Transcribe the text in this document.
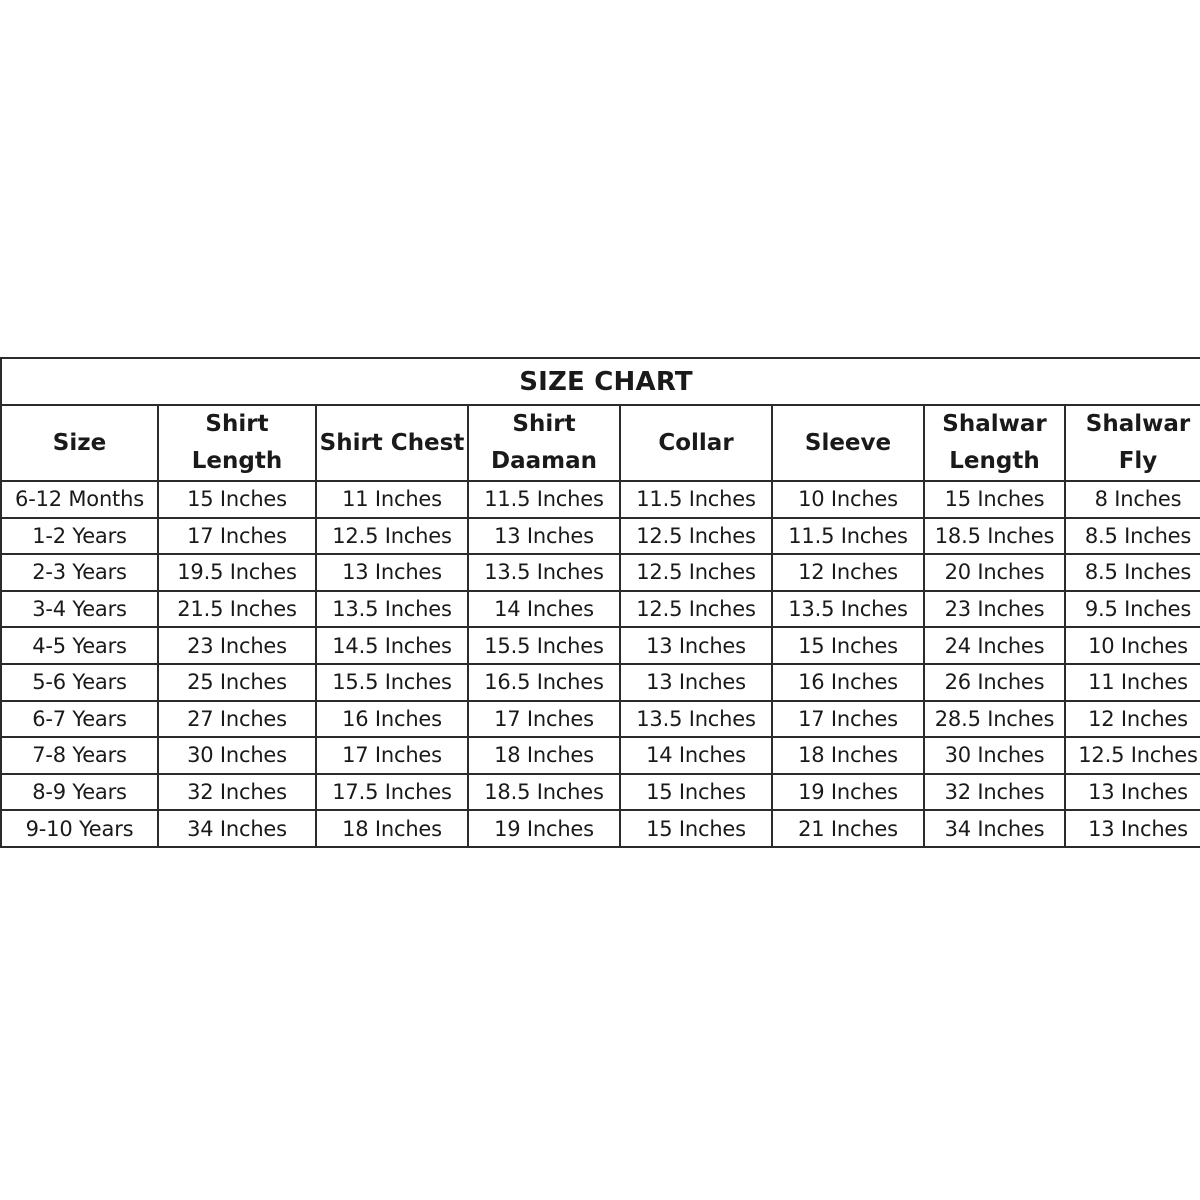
SIZE CHART							
Size	Shirt Length	Shirt Chest	Shirt Daaman	Collar	Sleeve	Shalwar Length	Shalwar Fly
6-12 Months	15 Inches	11 Inches	11.5 Inches	11.5 Inches	10 Inches	15 Inches	8 Inches
1-2 Years	17 Inches	12.5 Inches	13 Inches	12.5 Inches	11.5 Inches	18.5 Inches	8.5 Inches
2-3 Years	19.5 Inches	13 Inches	13.5 Inches	12.5 Inches	12 Inches	20 Inches	8.5 Inches
3-4 Years	21.5 Inches	13.5 Inches	14 Inches	12.5 Inches	13.5 Inches	23 Inches	9.5 Inches
4-5 Years	23 Inches	14.5 Inches	15.5 Inches	13 Inches	15 Inches	24 Inches	10 Inches
5-6 Years	25 Inches	15.5 Inches	16.5 Inches	13 Inches	16 Inches	26 Inches	11 Inches
6-7 Years	27 Inches	16 Inches	17 Inches	13.5 Inches	17 Inches	28.5 Inches	12 Inches
7-8 Years	30 Inches	17 Inches	18 Inches	14 Inches	18 Inches	30 Inches	12.5 Inches
8-9 Years	32 Inches	17.5 Inches	18.5 Inches	15 Inches	19 Inches	32 Inches	13 Inches
9-10 Years	34 Inches	18 Inches	19 Inches	15 Inches	21 Inches	34 Inches	13 Inches
